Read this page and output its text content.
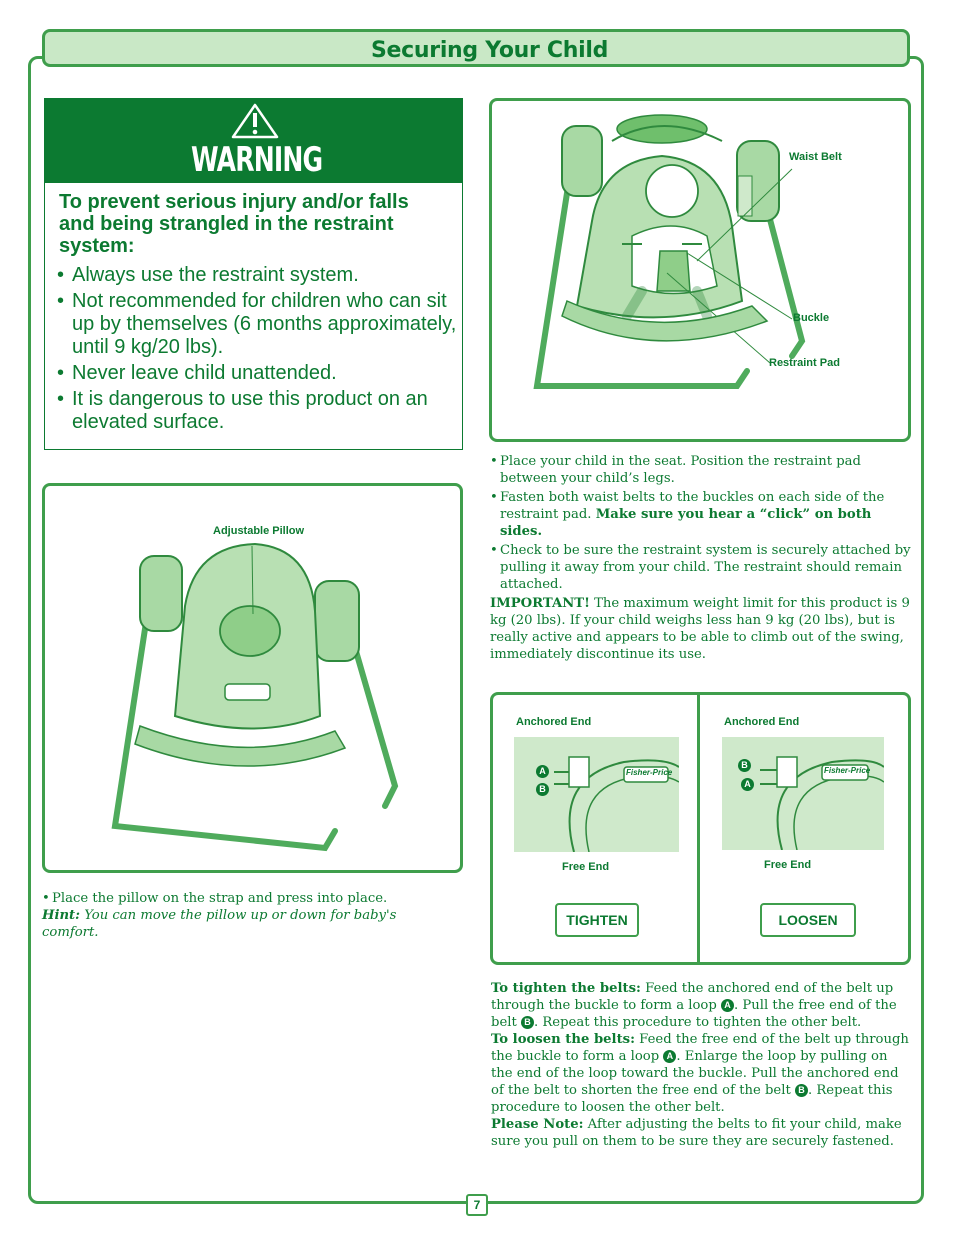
Securing Your Child
WARNING
To prevent serious injury and/or falls and being strangled in the restraint system:
• Always use the restraint system.
• Not recommended for children who can sit up by themselves (6 months approximately, until 9 kg/20 lbs).
• Never leave child unattended.
• It is dangerous to use this product on an elevated surface.
Waist Belt
Buckle
Restraint Pad

• Place your child in the seat. Position the restraint pad between your child’s legs.

• Fasten both waist belts to the buckles on each side of the restraint pad. Make sure you hear a “click” on both sides.

• Check to be sure the restraint system is securely attached by pulling it away from your child. The restraint should remain attached.

IMPORTANT! The maximum weight limit for this product is 9 kg (20 lbs). If your child weighs less han 9 kg (20 lbs), but is really active and appears to be able to climb out of the swing, immediately discontinue its use.

Adjustable Pillow

• Place the pillow on the strap and press into place.

Hint: You can move the pillow up or down for baby's comfort.

Anchored End
A
B
Fisher-Price
Free End
TIGHTEN
Anchored End
B
A
Fisher-Price
Free End
LOOSEN

To tighten the belts: Feed the anchored end of the belt up through the buckle to form a loop A . Pull the free end of the belt B . Repeat this procedure to tighten the other belt.

To loosen the belts: Feed the free end of the belt up through the buckle to form a loop A . Enlarge the loop by pulling on the end of the loop toward the buckle. Pull the anchored end of the belt to shorten the free end of the belt B . Repeat this procedure to loosen the other belt.

Please Note: After adjusting the belts to fit your child, make sure you pull on them to be sure they are securely fastened.

7
